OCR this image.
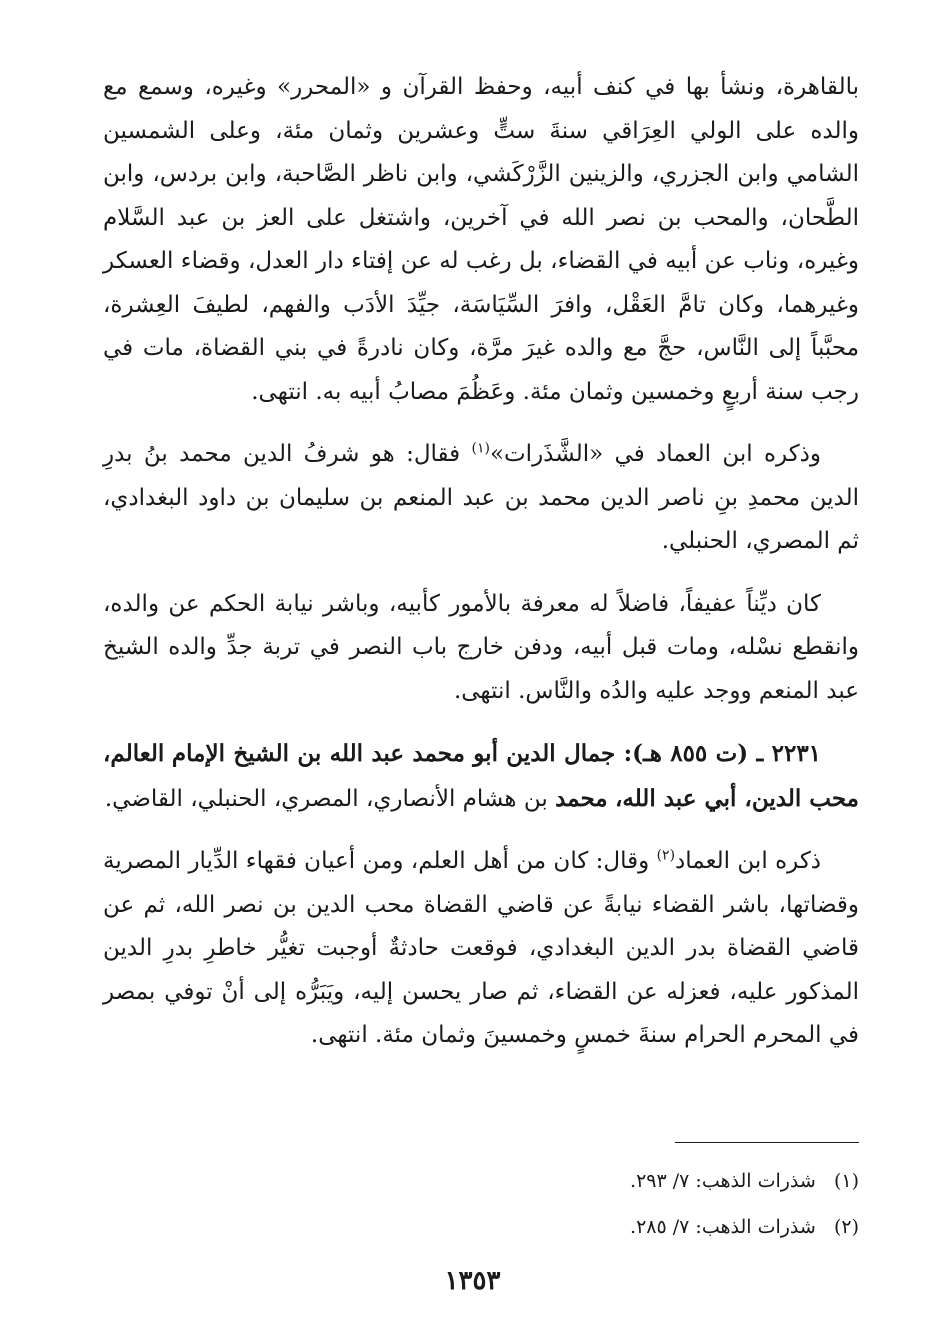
بالقاهرة، ونشأ بها في كنف أبيه، وحفظ القرآن و «المحرر» وغيره، وسمع مع والده على الولي العِرَاقي سنةَ ستٍّ وعشرين وثمان مئة، وعلى الشمسين الشامي وابن الجزري، والزينين الزَّرْكَشي، وابن ناظر الصَّاحبة، وابن بردس، وابن الطَّحان، والمحب بن نصر الله في آخرين، واشتغل على العز بن عبد السَّلام وغيره، وناب عن أبيه في القضاء، بل رغب له عن إفتاء دار العدل، وقضاء العسكر وغيرهما، وكان تامَّ العَقْل، وافرَ السِّيَاسَة، جيِّدَ الأدَب والفهم، لطيفَ العِشرة، محبَّباً إلى النَّاس، حجَّ مع والده غيرَ مرَّة، وكان نادرةً في بني القضاة، مات في رجب سنة أربعٍ وخمسين وثمان مئة. وعَظُمَ مصابُ أبيه به. انتهى.

وذكره ابن العماد في «الشَّذَرات»$^{(١)}$ فقال: هو شرفُ الدين محمد بنُ بدرِ الدين محمدِ بنِ ناصر الدين محمد بن عبد المنعم بن سليمان بن داود البغدادي، ثم المصري، الحنبلي.

كان ديِّناً عفيفاً، فاضلاً له معرفة بالأمور كأبيه، وباشر نيابة الحكم عن والده، وانقطع نسْله، ومات قبل أبيه، ودفن خارج باب النصر في تربة جدِّ والده الشيخ عبد المنعم ووجد عليه والدُه والنَّاس. انتهى.

٢٢٣١ ـ (ت ٨٥٥ هـ): جمال الدين أبو محمد عبد الله بن الشيخ الإمام العالم، محب الدين، أبي عبد الله، محمد بن هشام الأنصاري، المصري، الحنبلي، القاضي.

ذكره ابن العماد$^{(٢)}$ وقال: كان من أهل العلم، ومن أعيان فقهاء الدِّيار المصرية وقضاتها، باشر القضاء نيابةً عن قاضي القضاة محب الدين بن نصر الله، ثم عن قاضي القضاة بدر الدين البغدادي، فوقعت حادثةٌ أوجبت تغيُّر خاطرِ بدرِ الدين المذكور عليه، فعزله عن القضاء، ثم صار يحسن إليه، ويَبَرُّه إلى أنْ توفي بمصر في المحرم الحرام سنةَ خمسٍ وخمسينَ وثمان مئة. انتهى.

(١)   شذرات الذهب: ٧/ ٢٩٣.

(٢)   شذرات الذهب: ٧/ ٢٨٥.

١٣٥٣
